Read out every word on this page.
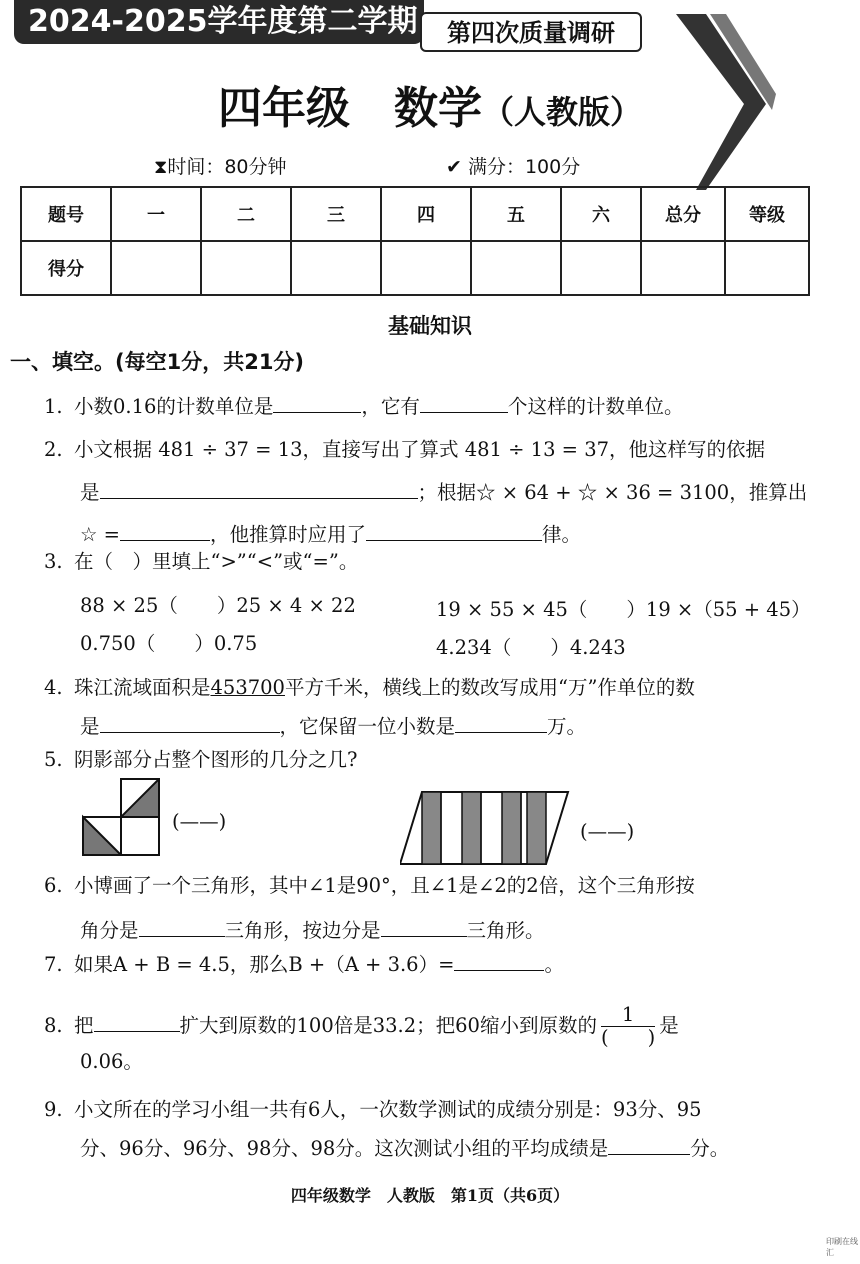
2024-2025学年度第二学期	第四次质量调研
四年级　数学（人教版）
⧗时间：80分钟	✔ 满分：100分
题号	一	二	三	四	五	六	总分	等级
得分								
基础知识
一、填空。(每空1分，共21分)
1. 小数0.16的计数单位是	，它有	个这样的计数单位。
2. 小文根据 481 ÷ 37 = 13，直接写出了算式 481 ÷ 13 = 37，他这样写的依据
是	；根据☆ × 64 + ☆ × 36 = 3100，推算出
☆ =	，他推算时应用了	律。
3. 在（　）里填上“>”“<”或“=”。
88 × 25（　　）25 × 4 × 22	19 × 55 × 45（　　）19 ×（55 + 45）
0.750（　　）0.75	4.234（　　）4.243
4. 珠江流域面积是453700平方千米，横线上的数改写成用“万”作单位的数
是	，它保留一位小数是	万。
5. 阴影部分占整个图形的几分之几?
(——)	(——)
6. 小博画了一个三角形，其中∠1是90°，且∠1是∠2的2倍，这个三角形按
角分是	三角形，按边分是	三角形。
7. 如果A + B = 4.5，那么B +（A + 3.6）=	。
8. 把	扩大到原数的100倍是33.2；把60缩小到原数的 $\frac{1}{( )}$ 是
0.06。
9. 小文所在的学习小组一共有6人，一次数学测试的成绩分别是：93分、95
分、96分、96分、98分、98分。这次测试小组的平均成绩是	分。
四年级数学　人教版　第1页（共6页）
印刷在线汇
